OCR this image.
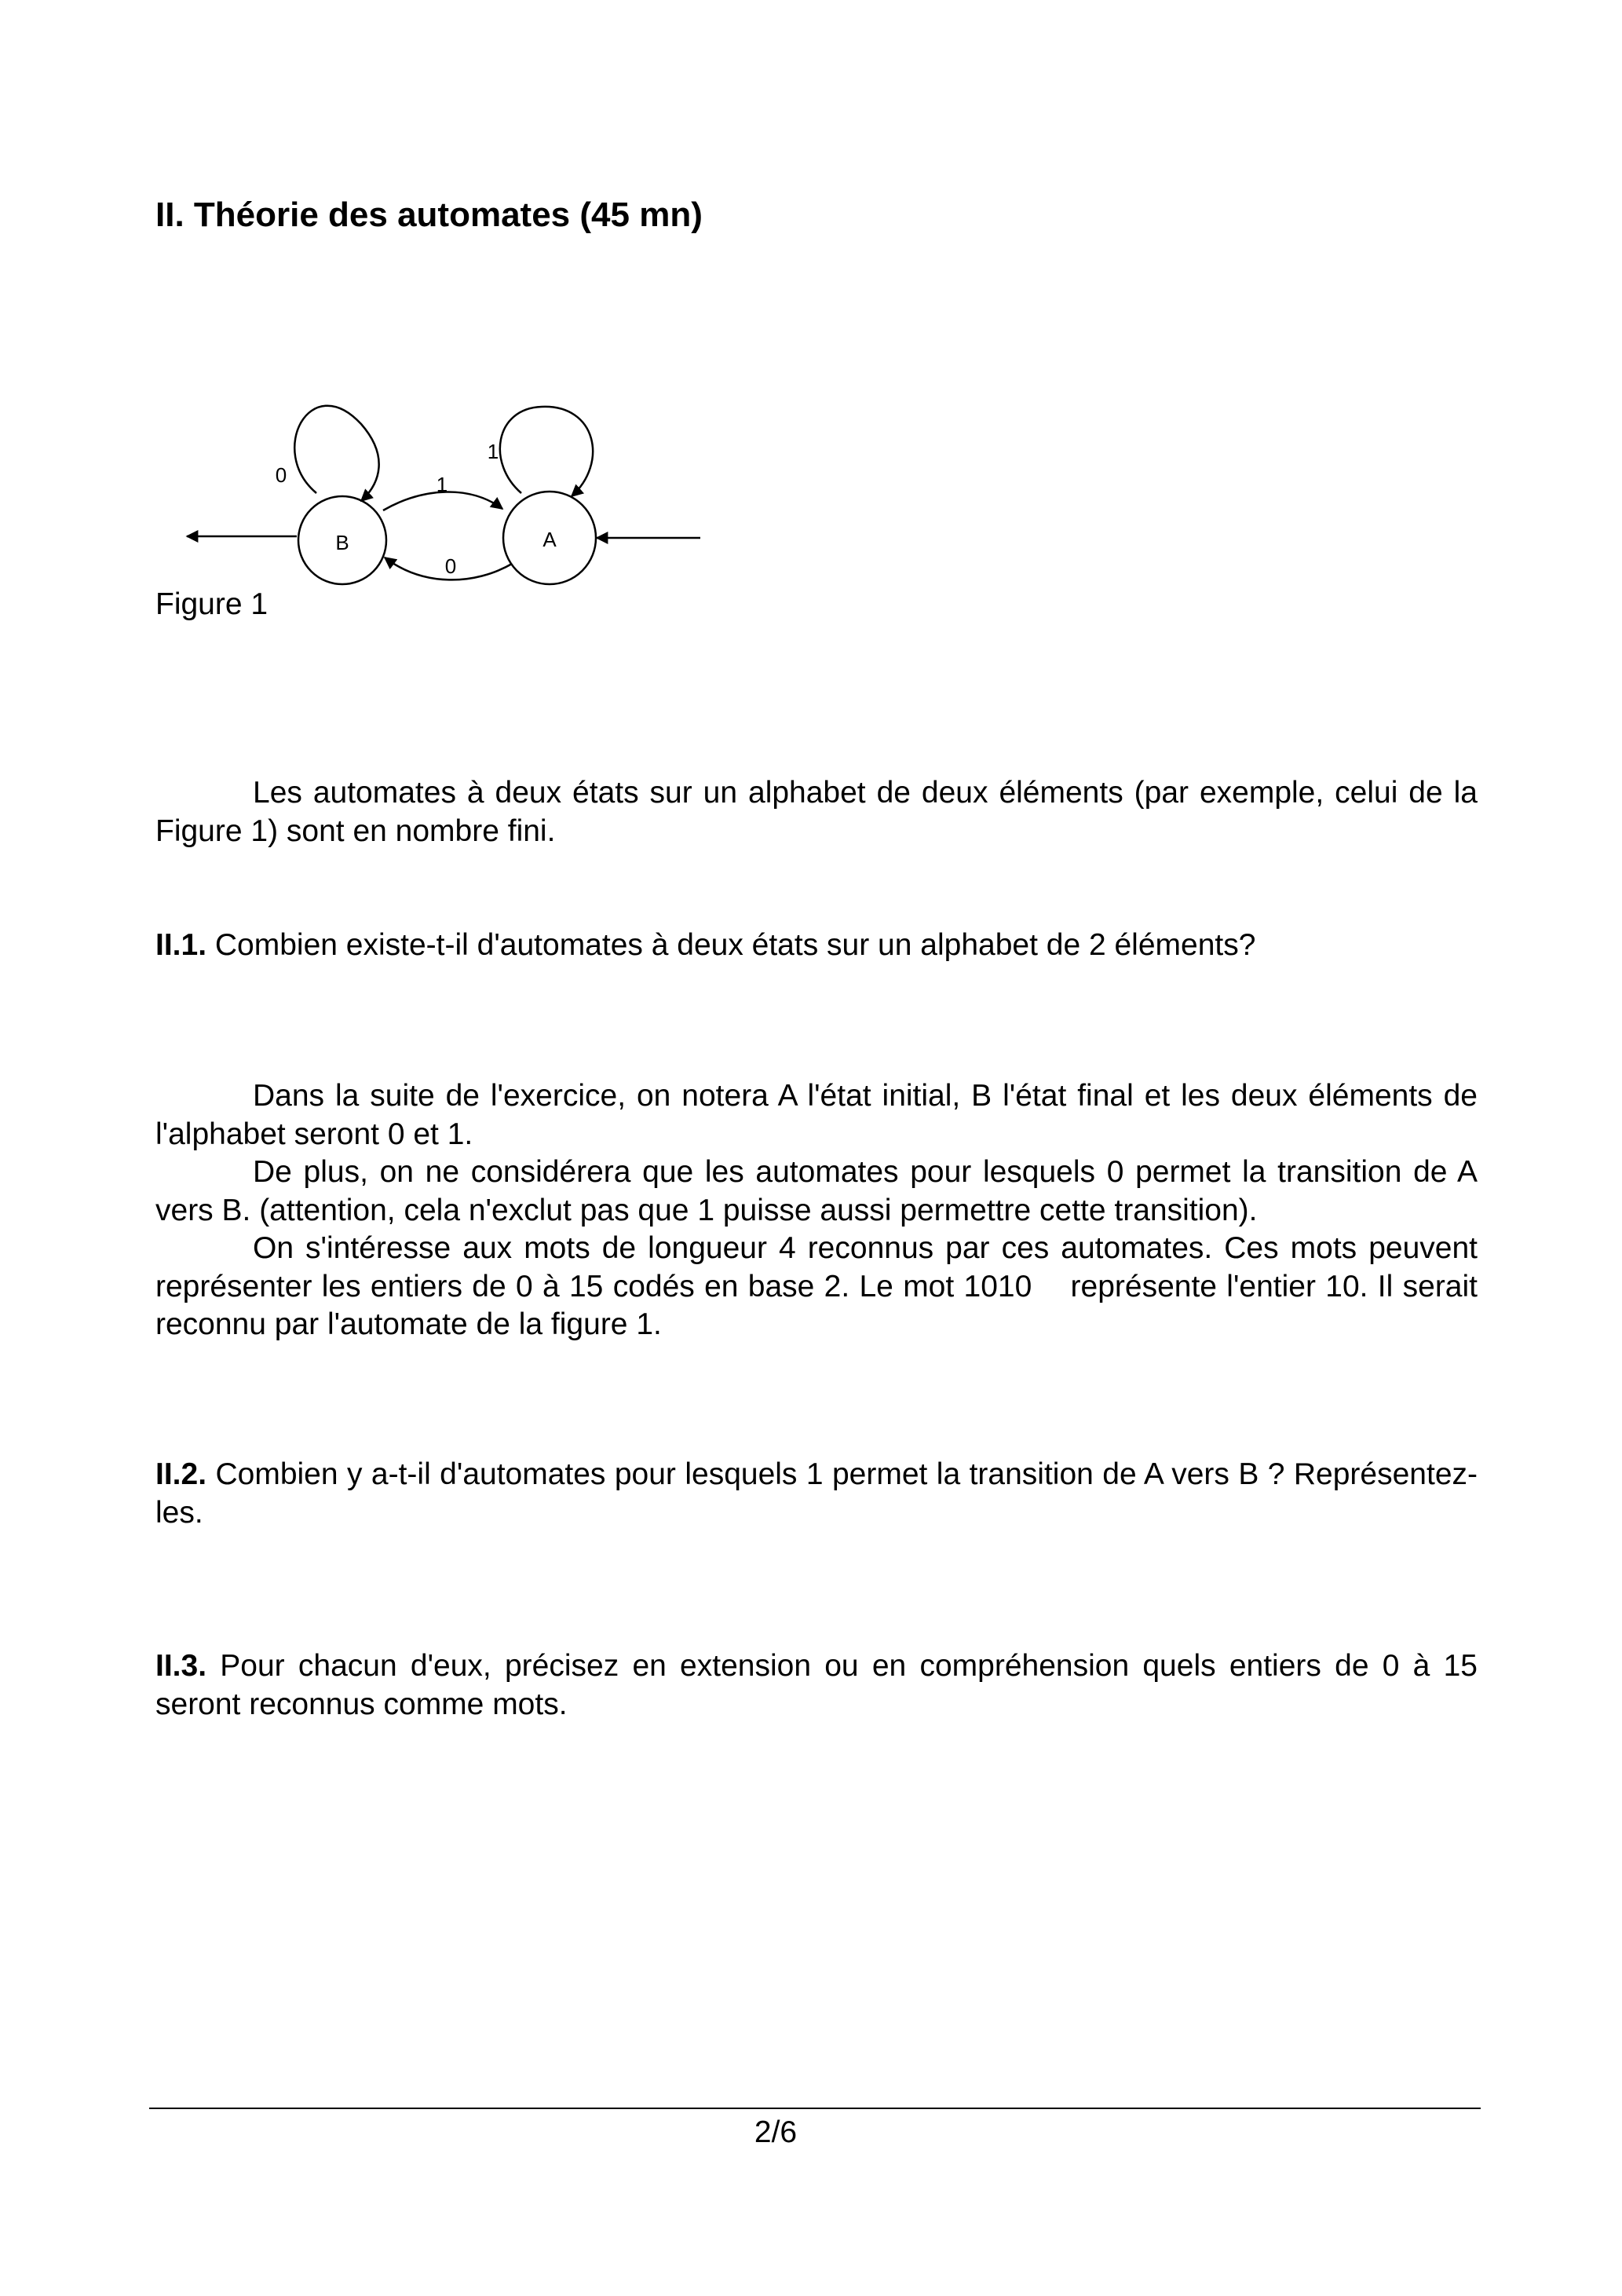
II. Théorie des automates (45 mn)
B	A
0
1
1
0
Figure 1

Les automates à deux états sur un alphabet de deux éléments (par exemple, celui de la Figure 1) sont en nombre fini.

II.1. Combien existe-t-il d'automates à deux états sur un alphabet de 2 éléments?

Dans la suite de l'exercice, on notera A l'état initial, B l'état final et les deux éléments de l'alphabet seront 0 et 1.

De plus, on ne considérera que les automates pour lesquels 0 permet la transition de A vers B. (attention, cela n'exclut pas que 1 puisse aussi permettre cette transition).

On s'intéresse aux mots de longueur 4 reconnus par ces automates. Ces mots peuvent représenter les entiers de 0 à 15 codés en base 2. Le mot 1010    représente l'entier 10. Il serait reconnu par l'automate de la figure 1.

II.2. Combien y a-t-il d'automates pour lesquels 1 permet la transition de A vers B ? Représentez-les.

II.3. Pour chacun d'eux, précisez en extension ou en compréhension quels entiers de 0 à 15 seront reconnus comme mots.

2/6
